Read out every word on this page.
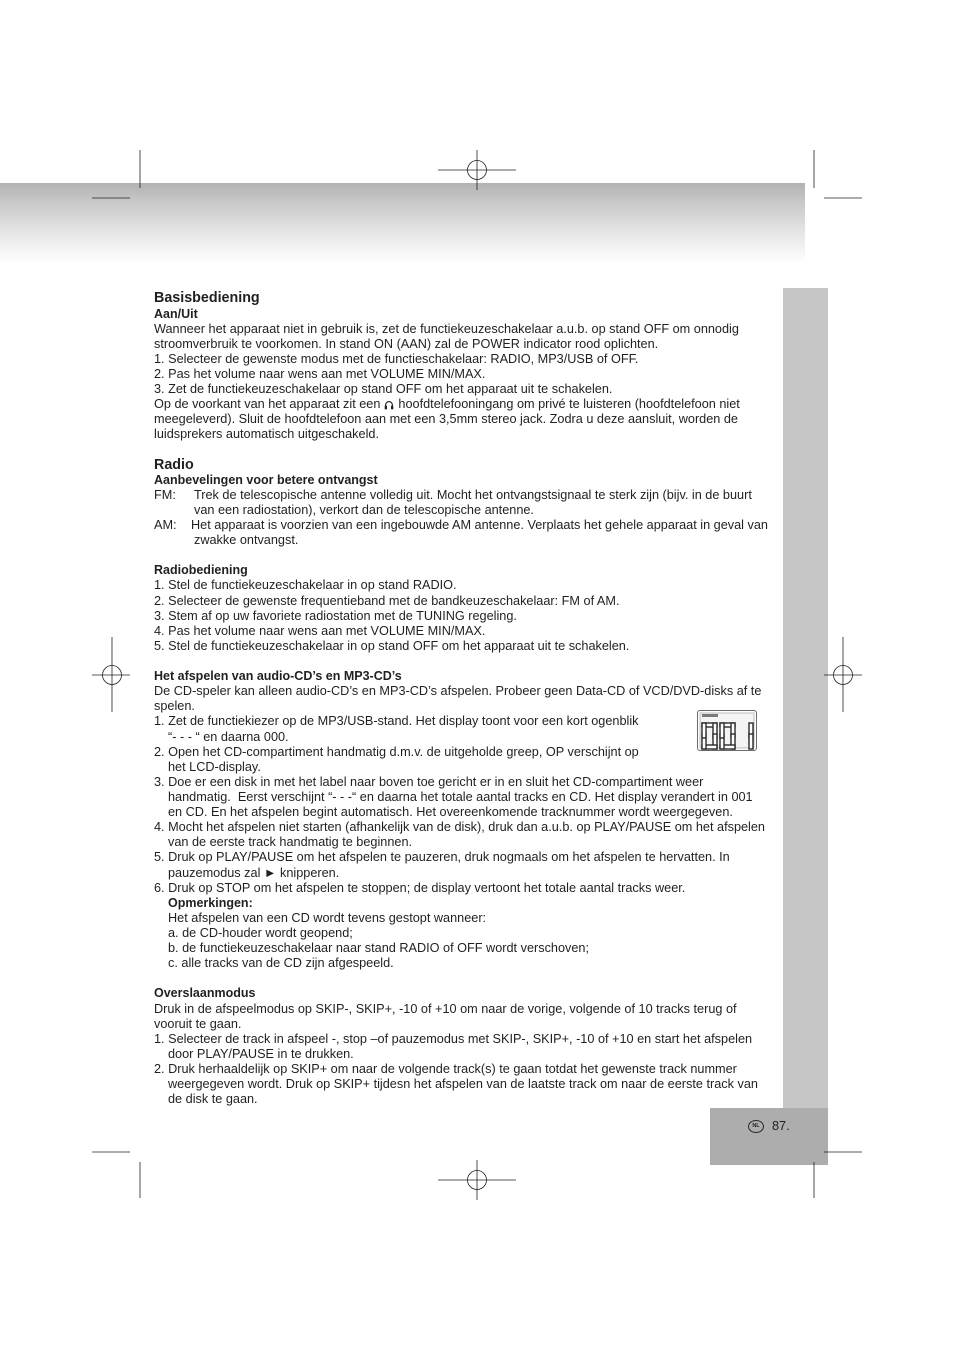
NL 87.
Basisbediening
Aan/Uit
Wanneer het apparaat niet in gebruik is, zet de functiekeuzeschakelaar a.u.b. op stand OFF om onnodig
stroomverbruik te voorkomen. In stand ON (AAN) zal de POWER indicator rood oplichten.
1. Selecteer de gewenste modus met de functieschakelaar: RADIO, MP3/USB of OFF.
2. Pas het volume naar wens aan met VOLUME MIN/MAX.
3. Zet de functiekeuzeschakelaar op stand OFF om het apparaat uit te schakelen.
Op de voorkant van het apparaat zit een hoofdtelefooningang om privé te luisteren (hoofdtelefoon niet
meegeleverd). Sluit de hoofdtelefoon aan met een 3,5mm stereo jack. Zodra u deze aansluit, worden de
luidsprekers automatisch uitgeschakeld.
Radio
Aanbevelingen voor betere ontvangst
FM:	Trek de telescopische antenne volledig uit. Mocht het ontvangstsignaal te sterk zijn (bijv. in de buurt
van een radiostation), verkort dan de telescopische antenne.
AM:	Het apparaat is voorzien van een ingebouwde AM antenne. Verplaats het gehele apparaat in geval van
zwakke ontvangst.
Radiobediening
1. Stel de functiekeuzeschakelaar in op stand RADIO.
2. Selecteer de gewenste frequentieband met de bandkeuzeschakelaar: FM of AM.
3. Stem af op uw favoriete radiostation met de TUNING regeling.
4. Pas het volume naar wens aan met VOLUME MIN/MAX.
5. Stel de functiekeuzeschakelaar in op stand OFF om het apparaat uit te schakelen.
Het afspelen van audio-CD’s en MP3-CD’s
De CD-speler kan alleen audio-CD’s en MP3-CD’s afspelen. Probeer geen Data-CD of VCD/DVD-disks af te
spelen.
1. Zet de functiekiezer op de MP3/USB-stand. Het display toont voor een kort ogenblik
“- - - “ en daarna 000.
2. Open het CD-compartiment handmatig d.m.v. de uitgeholde greep, OP verschijnt op
het LCD-display.
3. Doe er een disk in met het label naar boven toe gericht er in en sluit het CD-compartiment weer
handmatig.  Eerst verschijnt “- - -“ en daarna het totale aantal tracks en CD. Het display verandert in 001
en CD. En het afspelen begint automatisch. Het overeenkomende tracknummer wordt weergegeven.
4. Mocht het afspelen niet starten (afhankelijk van de disk), druk dan a.u.b. op PLAY/PAUSE om het afspelen
van de eerste track handmatig te beginnen.
5. Druk op PLAY/PAUSE om het afspelen te pauzeren, druk nogmaals om het afspelen te hervatten. In
pauzemodus zal ► knipperen.
6. Druk op STOP om het afspelen te stoppen; de display vertoont het totale aantal tracks weer.
Opmerkingen:
Het afspelen van een CD wordt tevens gestopt wanneer:
a. de CD-houder wordt geopend;
b. de functiekeuzeschakelaar naar stand RADIO of OFF wordt verschoven;
c. alle tracks van de CD zijn afgespeeld.
Overslaanmodus
Druk in de afspeelmodus op SKIP-, SKIP+, -10 of +10 om naar de vorige, volgende of 10 tracks terug of
vooruit te gaan.
1. Selecteer de track in afspeel -, stop –of pauzemodus met SKIP-, SKIP+, -10 of +10 en start het afspelen
door PLAY/PAUSE in te drukken.
2. Druk herhaaldelijk op SKIP+ om naar de volgende track(s) te gaan totdat het gewenste track nummer
weergegeven wordt. Druk op SKIP+ tijdesn het afspelen van de laatste track om naar de eerste track van
de disk te gaan.
